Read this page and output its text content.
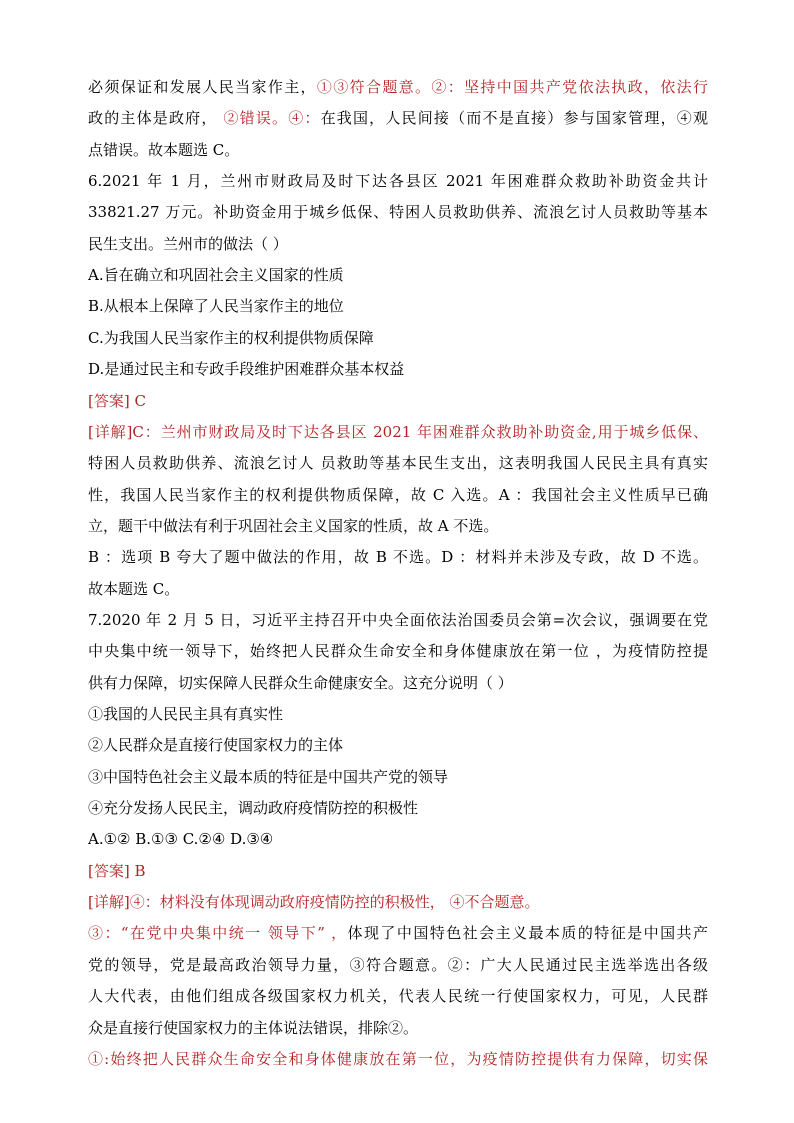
必须保证和发展人民当家作主，①③符合题意。②：坚持中国共产党依法执政，依法行
政的主体是政府， ②错误。④：在我国，人民间接（而不是直接）参与国家管理，④观
点错误。故本题选 C。
6.2021 年 1 月，兰州市财政局及时下达各县区 2021 年困难群众救助补助资金共计
33821.27 万元。补助资金用于城乡低保、特困人员救助供养、流浪乞讨人员救助等基本
民生支出。兰州市的做法（ ）
A.旨在确立和巩固社会主义国家的性质
B.从根本上保障了人民当家作主的地位
C.为我国人民当家作主的权利提供物质保障
D.是通过民主和专政手段维护困难群众基本权益
[答案] C
[详解]C：兰州市财政局及时下达各县区 2021 年困难群众救助补助资金,用于城乡低保、
特困人员救助供养、流浪乞讨人 员救助等基本民生支出，这表明我国人民民主具有真实
性，我国人民当家作主的权利提供物质保障，故 C 入选。A ：我国社会主义性质早已确
立，题干中做法有利于巩固社会主义国家的性质，故 A 不选。
B ：选项 B 夸大了题中做法的作用，故 B 不选。D ：材料并未涉及专政，故 D 不选。
故本题选 C。
7.2020 年 2 月 5 日，习近平主持召开中央全面依法治国委员会第=次会议，强调要在党
中央集中统一领导下，始终把人民群众生命安全和身体健康放在第一位 ，为疫情防控提
供有力保障，切实保障人民群众生命健康安全。这充分说明（ ）
①我国的人民民主具有真实性
②人民群众是直接行使国家权力的主体
③中国特色社会主义最本质的特征是中国共产党的领导
④充分发扬人民民主，调动政府疫情防控的积极性
A.①② B.①③ C.②④ D.③④
[答案] B
[详解]④：材料没有体现调动政府疫情防控的积极性， ④不合题意。
③：“在党中央集中统一 领导下” ，体现了中国特色社会主义最本质的特征是中国共产
党的领导，党是最高政治领导力量，③符合题意。②：广大人民通过民主选举选出各级
人大代表，由他们组成各级国家权力机关，代表人民统一行使国家权力，可见，人民群
众是直接行使国家权力的主体说法错误，排除②。
①:始终把人民群众生命安全和身体健康放在第一位，为疫情防控提供有力保障，切实保
